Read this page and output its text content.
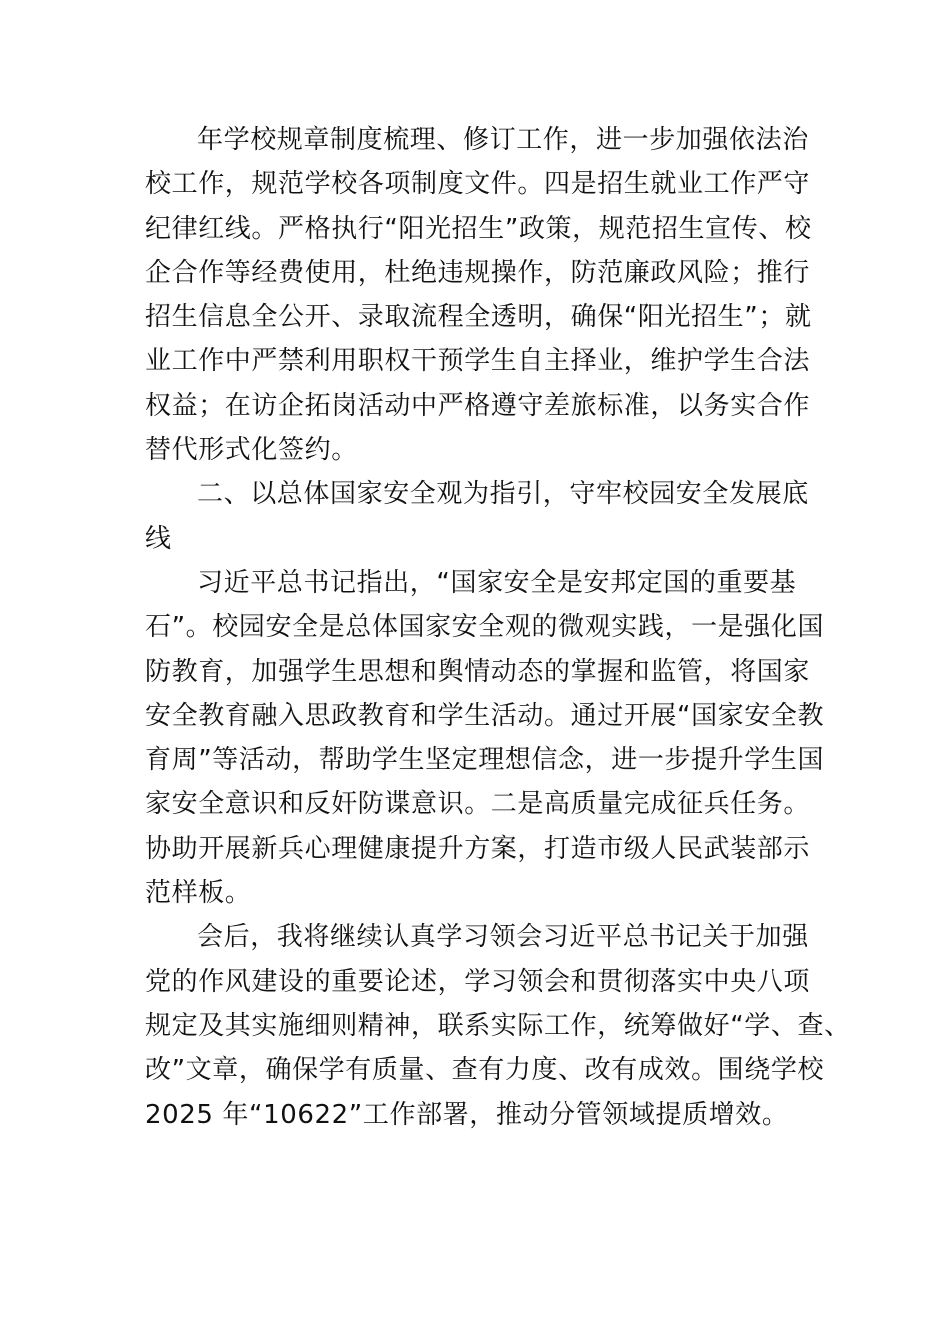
年学校规章制度梳理、修订工作，进一步加强依法治
校工作，规范学校各项制度文件。四是招生就业工作严守
纪律红线。严格执行“阳光招生”政策，规范招生宣传、校
企合作等经费使用，杜绝违规操作，防范廉政风险；推行
招生信息全公开、录取流程全透明，确保“阳光招生”；就
业工作中严禁利用职权干预学生自主择业，维护学生合法
权益；在访企拓岗活动中严格遵守差旅标准，以务实合作
替代形式化签约。
二、以总体国家安全观为指引，守牢校园安全发展底
线
习近平总书记指出，“国家安全是安邦定国的重要基
石”。校园安全是总体国家安全观的微观实践，一是强化国
防教育，加强学生思想和舆情动态的掌握和监管，将国家
安全教育融入思政教育和学生活动。通过开展“国家安全教
育周”等活动，帮助学生坚定理想信念，进一步提升学生国
家安全意识和反奸防谍意识。二是高质量完成征兵任务。
协助开展新兵心理健康提升方案，打造市级人民武装部示
范样板。
会后，我将继续认真学习领会习近平总书记关于加强
党的作风建设的重要论述，学习领会和贯彻落实中央八项
规定及其实施细则精神，联系实际工作，统筹做好“学、查、
改”文章，确保学有质量、查有力度、改有成效。围绕学校
2025 年“10622”工作部署，推动分管领域提质增效。
